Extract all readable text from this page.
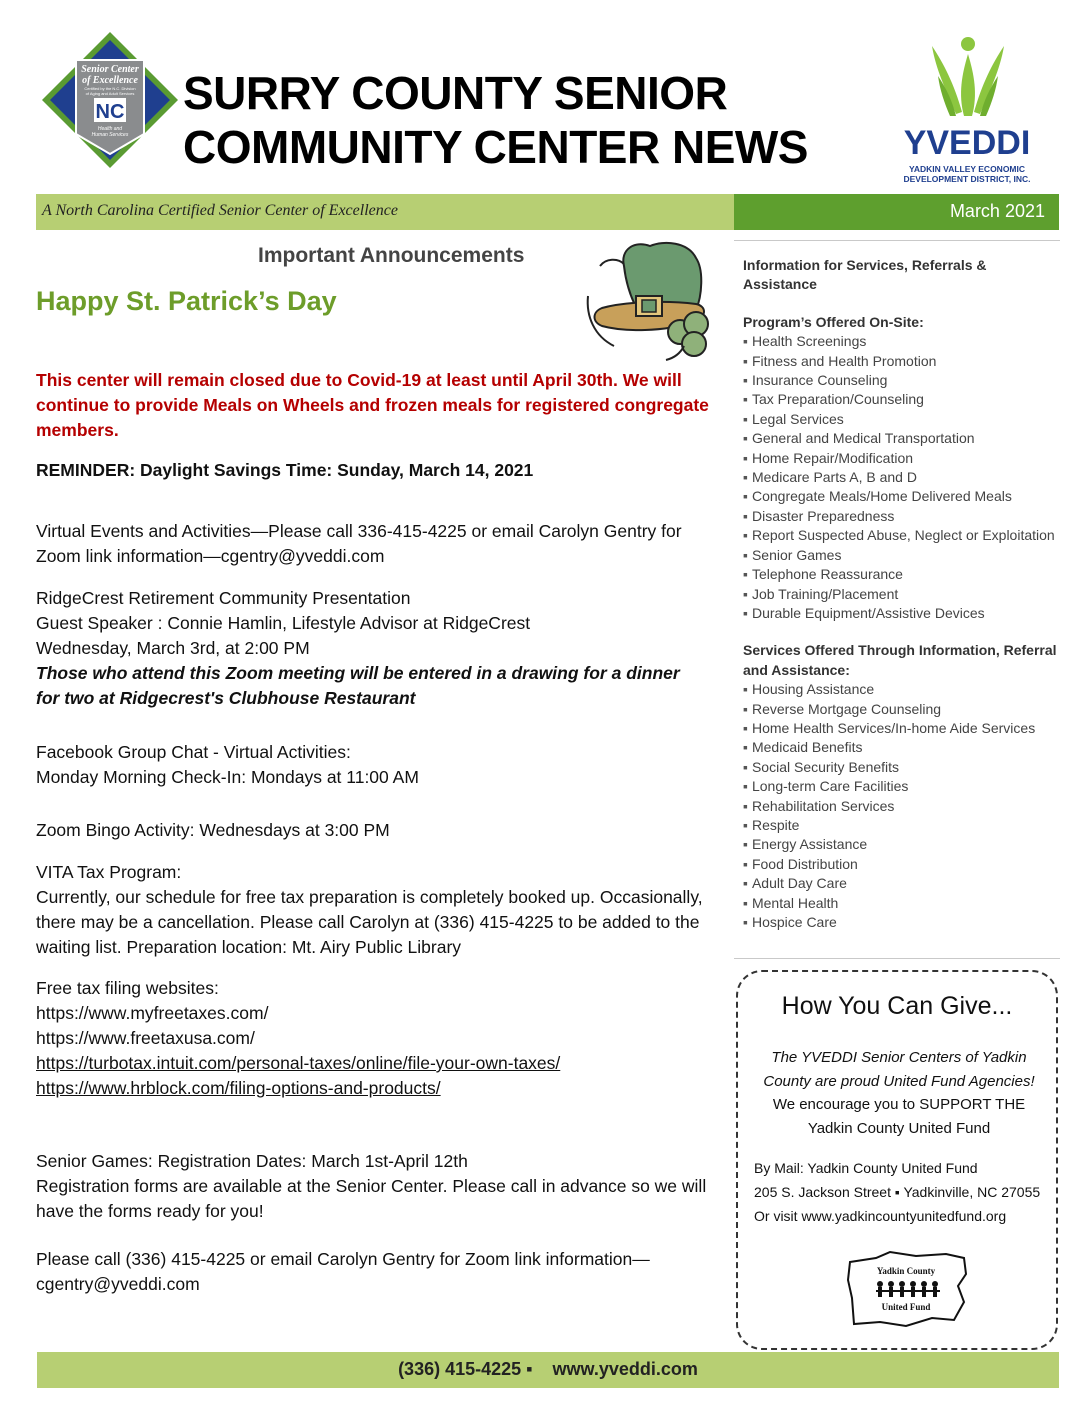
Senior Center
of Excellence
Certified by the N.C. Division
of Aging and Adult Services
NC
Health and
Human Services
SURRY COUNTY SENIOR
COMMUNITY CENTER NEWS	YVEDDI
YADKIN VALLEY ECONOMIC
DEVELOPMENT DISTRICT, INC.
A North Carolina Certified Senior Center of Excellence	March 2021
Important Announcements
Happy St. Patrick’s Day
This center will remain closed due to Covid-19 at least until April 30th. We will
continue to provide Meals on Wheels and frozen meals for registered congregate
members.
REMINDER: Daylight Savings Time: Sunday, March 14, 2021
Virtual Events and Activities—Please call 336-415-4225 or email Carolyn Gentry for
Zoom link information—cgentry@yveddi.com
RidgeCrest Retirement Community Presentation
Guest Speaker : Connie Hamlin, Lifestyle Advisor at RidgeCrest
Wednesday, March 3rd, at 2:00 PM
Those who attend this Zoom meeting will be entered in a drawing for a dinner
for two at Ridgecrest's Clubhouse Restaurant
Facebook Group Chat - Virtual Activities:
Monday Morning Check-In: Mondays at 11:00 AM
Zoom Bingo Activity: Wednesdays at 3:00 PM
VITA Tax Program:
Currently, our schedule for free tax preparation is completely booked up. Occasionally,
there may be a cancellation. Please call Carolyn at (336) 415-4225 to be added to the
waiting list. Preparation location: Mt. Airy Public Library
Free tax filing websites:
https://www.myfreetaxes.com/
https://www.freetaxusa.com/
https://turbotax.intuit.com/personal-taxes/online/file-your-own-taxes/
https://www.hrblock.com/filing-options-and-products/
Senior Games: Registration Dates: March 1st-April 12th
Registration forms are available at the Senior Center. Please call in advance so we will
have the forms ready for you!
Please call (336) 415-4225 or email Carolyn Gentry for Zoom link information—
cgentry@yveddi.com
Information for Services, Referrals &
Assistance
Program’s Offered On-Site:
▪ Health Screenings
▪ Fitness and Health Promotion
▪ Insurance Counseling
▪ Tax Preparation/Counseling
▪ Legal Services
▪ General and Medical Transportation
▪ Home Repair/Modification
▪ Medicare Parts A, B and D
▪ Congregate Meals/Home Delivered Meals
▪ Disaster Preparedness
▪ Report Suspected Abuse, Neglect or Exploitation
▪ Senior Games
▪ Telephone Reassurance
▪ Job Training/Placement
▪ Durable Equipment/Assistive Devices
Services Offered Through Information, Referral
and Assistance:
▪ Housing Assistance
▪ Reverse Mortgage Counseling
▪ Home Health Services/In-home Aide Services
▪ Medicaid Benefits
▪ Social Security Benefits
▪ Long-term Care Facilities
▪ Rehabilitation Services
▪ Respite
▪ Energy Assistance
▪ Food Distribution
▪ Adult Day Care
▪ Mental Health
▪ Hospice Care
How You Can Give...
The YVEDDI Senior Centers of Yadkin
County are proud United Fund Agencies!
We encourage you to SUPPORT THE
Yadkin County United Fund
By Mail: Yadkin County United Fund
205 S. Jackson Street ▪ Yadkinville, NC 27055
Or visit www.yadkincountyunitedfund.org
Yadkin County
United Fund
(336) 415-4225 ▪    www.yveddi.com
